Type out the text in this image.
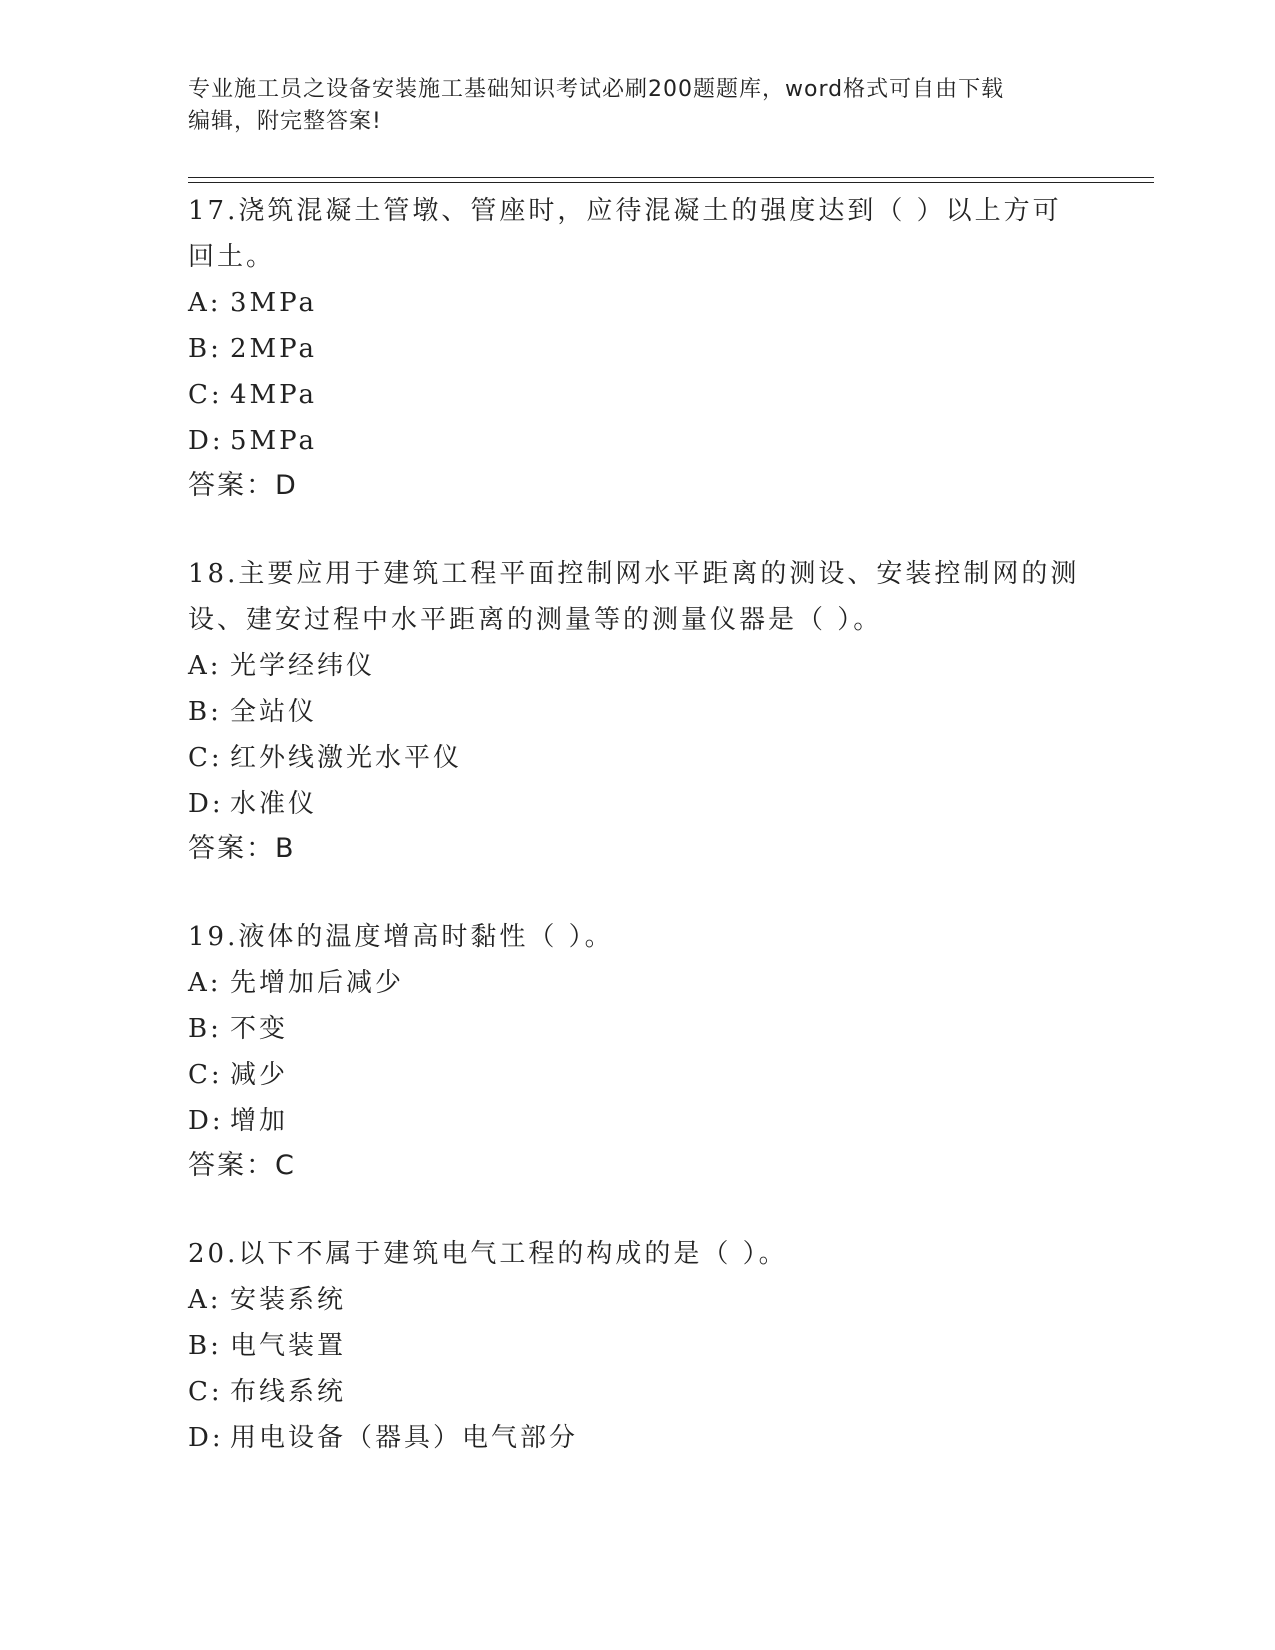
专业施工员之设备安装施工基础知识考试必刷200题题库，word格式可自由下载
编辑，附完整答案!
17.浇筑混凝土管墩、管座时，应待混凝土的强度达到（ ）以上方可
回土。
A: 3MPa
B: 2MPa
C: 4MPa
D: 5MPa
答案：D
18.主要应用于建筑工程平面控制网水平距离的测设、安装控制网的测
设、建安过程中水平距离的测量等的测量仪器是（ ）。
A: 光学经纬仪
B: 全站仪
C: 红外线激光水平仪
D: 水准仪
答案：B
19.液体的温度增高时黏性（ ）。
A: 先增加后减少
B: 不变
C: 减少
D: 增加
答案：C
20.以下不属于建筑电气工程的构成的是（ ）。
A: 安装系统
B: 电气装置
C: 布线系统
D: 用电设备（器具）电气部分
